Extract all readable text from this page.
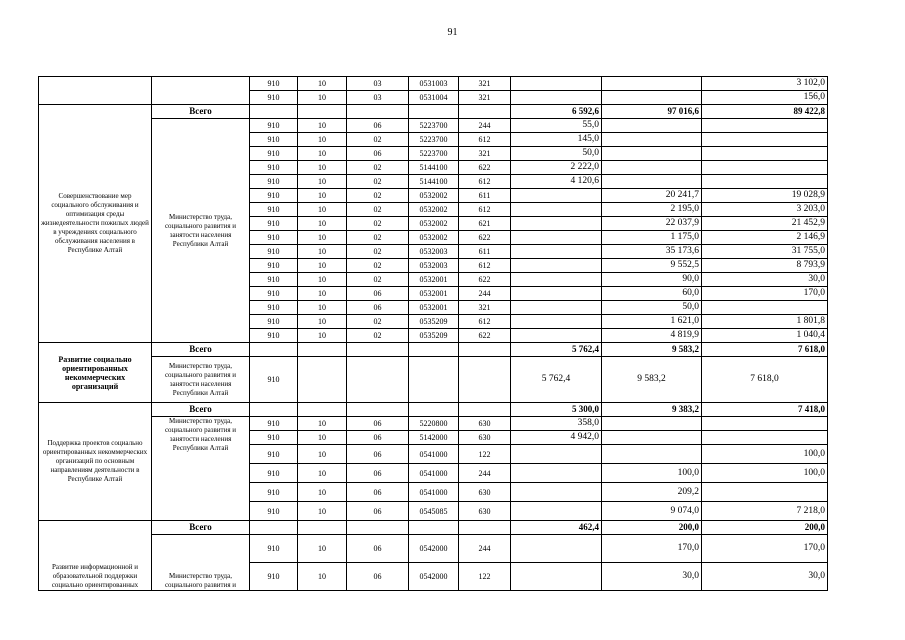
91
		910	10	03	0531003	321			3 102,0
		910	10	03	0531004	321			156,0
Совершенствование мер социального обслуживания и оптимизация среды жизнедеятельности пожилых людей в учреждениях социального обслуживания населения в Республике Алтай	Всего						6 592,6	97 016,6	89 422,8
	Министерство труда, социального развития и занятости населения Республики Алтай	910	10	06	5223700	244	55,0		
		910	10	02	5223700	612	145,0		
		910	10	06	5223700	321	50,0		
		910	10	02	5144100	622	2 222,0		
		910	10	02	5144100	612	4 120,6		
		910	10	02	0532002	611		20 241,7	19 028,9
		910	10	02	0532002	612		2 195,0	3 203,0
		910	10	02	0532002	621		22 037,9	21 452,9
		910	10	02	0532002	622		1 175,0	2 146,9
		910	10	02	0532003	611		35 173,6	31 755,0
		910	10	02	0532003	612		9 552,5	8 793,9
		910	10	02	0532001	622		90,0	30,0
		910	10	06	0532001	244		60,0	170,0
		910	10	06	0532001	321		50,0	
		910	10	02	0535209	612		1 621,0	1 801,8
		910	10	02	0535209	622		4 819,9	1 040,4
Развитие социально ориентированных некоммерческих организаций	Всего						5 762,4	9 583,2	7 618,0
	Министерство труда, социального развития и занятости населения Республики Алтай	910					5 762,4	9 583,2	7 618,0
Поддержка проектов социально ориентированных некоммерческих организаций по основным направлениям деятельности в Республике Алтай	Всего						5 300,0	9 383,2	7 418,0
	Министерство труда, социального развития и занятости населения Республики Алтай	910	10	06	5220800	630	358,0		
		910	10	06	5142000	630	4 942,0		
		910	10	06	0541000	122			100,0
		910	10	06	0541000	244		100,0	100,0
		910	10	06	0541000	630		209,2	
		910	10	06	0545085	630		9 074,0	7 218,0
Развитие информационной и образовательной поддержки социально ориентированных	Всего						462,4	200,0	200,0
	Министерство труда, социального развития и	910	10	06	0542000	244		170,0	170,0
		910	10	06	0542000	122		30,0	30,0
